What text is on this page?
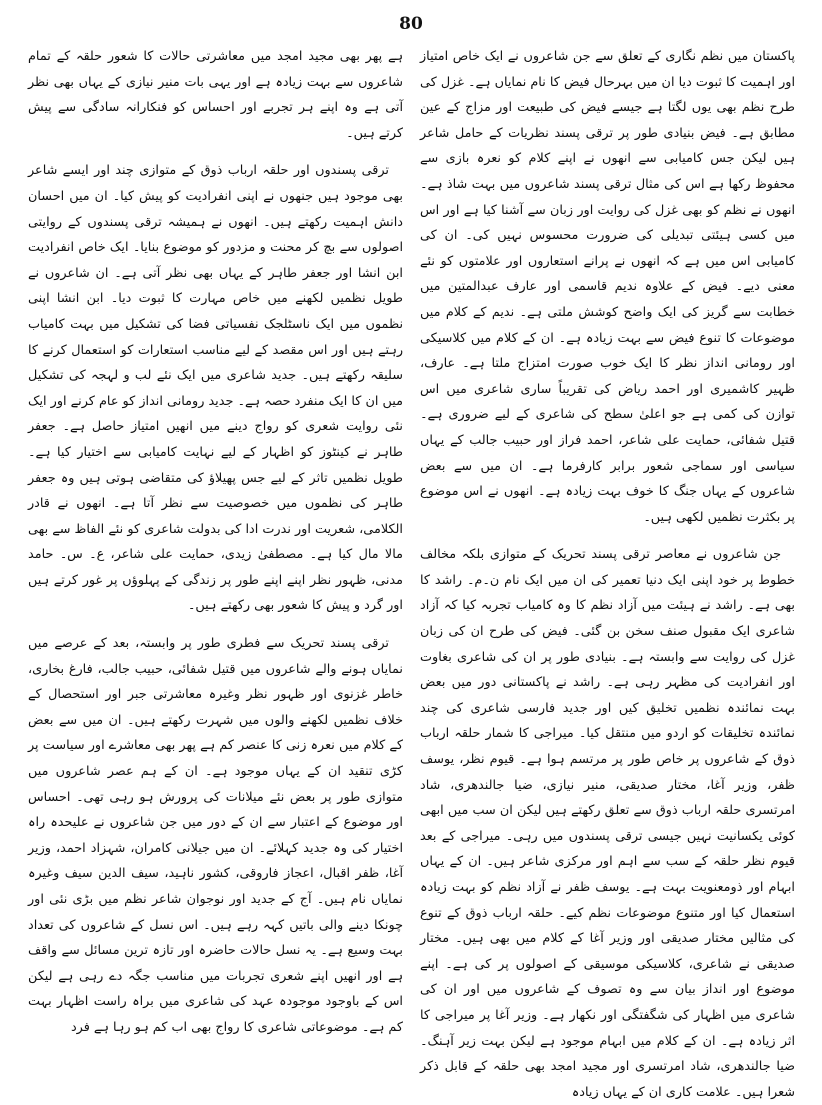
80

پاکستان میں نظم نگاری کے تعلق سے جن شاعروں نے ایک خاص امتیاز اور اہمیت کا ثبوت دیا ان میں بہرحال فیض کا نام نمایاں ہے۔ غزل کی طرح نظم بھی یوں لگتا ہے جیسے فیض کی طبیعت اور مزاج کے عین مطابق ہے۔ فیض بنیادی طور پر ترقی پسند نظریات کے حامل شاعر ہیں لیکن جس کامیابی سے انھوں نے اپنے کلام کو نعرہ بازی سے محفوظ رکھا ہے اس کی مثال ترقی پسند شاعروں میں بہت شاذ ہے۔ انھوں نے نظم کو بھی غزل کی روایت اور زبان سے آشنا کیا ہے اور اس میں کسی ہیئتی تبدیلی کی ضرورت محسوس نہیں کی۔ ان کی کامیابی اس میں ہے کہ انھوں نے پرانے استعاروں اور علامتوں کو نئے معنی دیے۔ فیض کے علاوہ ندیم قاسمی اور عارف عبدالمتین میں خطابت سے گریز کی ایک واضح کوشش ملتی ہے۔ ندیم کے کلام میں موضوعات کا تنوع فیض سے بہت زیادہ ہے۔ ان کے کلام میں کلاسیکی اور رومانی انداز نظر کا ایک خوب صورت امتزاج ملتا ہے۔ عارف، ظہیر کاشمیری اور احمد ریاض کی تقریباً ساری شاعری میں اس توازن کی کمی ہے جو اعلیٰ سطح کی شاعری کے لیے ضروری ہے۔ قتیل شفائی، حمایت علی شاعر، احمد فراز اور حبیب جالب کے یہاں سیاسی اور سماجی شعور برابر کارفرما ہے۔ ان میں سے بعض شاعروں کے یہاں جنگ کا خوف بہت زیادہ ہے۔ انھوں نے اس موضوع پر بکثرت نظمیں لکھی ہیں۔

جن شاعروں نے معاصر ترقی پسند تحریک کے متوازی بلکہ مخالف خطوط پر خود اپنی ایک دنیا تعمیر کی ان میں ایک نام ن۔م۔ راشد کا بھی ہے۔ راشد نے ہیئت میں آزاد نظم کا وہ کامیاب تجربہ کیا کہ آزاد شاعری ایک مقبول صنف سخن بن گئی۔ فیض کی طرح ان کی زبان غزل کی روایت سے وابستہ ہے۔ بنیادی طور پر ان کی شاعری بغاوت اور انفرادیت کی مظہر رہی ہے۔ راشد نے پاکستانی دور میں بعض بہت نمائندہ نظمیں تخلیق کیں اور جدید فارسی شاعری کی چند نمائندہ تخلیقات کو اردو میں منتقل کیا۔ میراجی کا شمار حلقہ ارباب ذوق کے شاعروں پر خاص طور پر مرتسم ہوا ہے۔ قیوم نظر، یوسف ظفر، وزیر آغا، مختار صدیقی، منیر نیازی، ضیا جالندھری، شاد امرتسری حلقہ ارباب ذوق سے تعلق رکھتے ہیں لیکن ان سب میں ابھی کوئی یکسانیت نہیں جیسی ترقی پسندوں میں رہی۔ میراجی کے بعد قیوم نظر حلقہ کے سب سے اہم اور مرکزی شاعر ہیں۔ ان کے یہاں ابہام اور ذومعنویت بہت ہے۔ یوسف ظفر نے آزاد نظم کو بہت زیادہ استعمال کیا اور متنوع موضوعات نظم کیے۔ حلقہ ارباب ذوق کے تنوع کی مثالیں مختار صدیقی اور وزیر آغا کے کلام میں بھی ہیں۔ مختار صدیقی نے شاعری، کلاسیکی موسیقی کے اصولوں پر کی ہے۔ اپنے موضوع اور انداز بیان سے وہ تصوف کے شاعروں میں اور ان کی شاعری میں اظہار کی شگفتگی اور نکھار ہے۔ وزیر آغا پر میراجی کا اثر زیادہ ہے۔ ان کے کلام میں ابہام موجود ہے لیکن بہت زیر آہنگ۔ ضیا جالندھری، شاد امرتسری اور مجید امجد بھی حلقہ کے قابل ذکر شعرا ہیں۔ علامت کاری ان کے یہاں زیادہ

ہے پھر بھی مجید امجد میں معاشرتی حالات کا شعور حلقہ کے تمام شاعروں سے بہت زیادہ ہے اور یہی بات منیر نیازی کے یہاں بھی نظر آتی ہے وہ اپنے ہر تجربے اور احساس کو فنکارانہ سادگی سے پیش کرتے ہیں۔

ترقی پسندوں اور حلقہ ارباب ذوق کے متوازی چند اور ایسے شاعر بھی موجود ہیں جنھوں نے اپنی انفرادیت کو پیش کیا۔ ان میں احسان دانش اہمیت رکھتے ہیں۔ انھوں نے ہمیشہ ترقی پسندوں کے روایتی اصولوں سے بچ کر محنت و مزدور کو موضوع بنایا۔ ایک خاص انفرادیت ابن انشا اور جعفر طاہر کے یہاں بھی نظر آتی ہے۔ ان شاعروں نے طویل نظمیں لکھنے میں خاص مہارت کا ثبوت دیا۔ ابن انشا اپنی نظموں میں ایک ناسٹلجک نفسیاتی فضا کی تشکیل میں بہت کامیاب رہتے ہیں اور اس مقصد کے لیے مناسب استعارات کو استعمال کرنے کا سلیقہ رکھتے ہیں۔ جدید شاعری میں ایک نئے لب و لہجہ کی تشکیل میں ان کا ایک منفرد حصہ ہے۔ جدید رومانی انداز کو عام کرنے اور ایک نئی روایت شعری کو رواج دینے میں انھیں امتیاز حاصل ہے۔ جعفر طاہر نے کینٹوز کو اظہار کے لیے نہایت کامیابی سے اختیار کیا ہے۔ طویل نظمیں تاثر کے لیے جس پھیلاؤ کی متقاضی ہوتی ہیں وہ جعفر طاہر کی نظموں میں خصوصیت سے نظر آتا ہے۔ انھوں نے قادر الکلامی، شعریت اور ندرت ادا کی بدولت شاعری کو نئے الفاظ سے بھی مالا مال کیا ہے۔ مصطفیٰ زیدی، حمایت علی شاعر، ع۔ س۔ حامد مدنی، ظہور نظر اپنے اپنے طور پر زندگی کے پہلوؤں پر غور کرتے ہیں اور گرد و پیش کا شعور بھی رکھتے ہیں۔

ترقی پسند تحریک سے فطری طور پر وابستہ، بعد کے عرصے میں نمایاں ہونے والے شاعروں میں قتیل شفائی، حبیب جالب، فارغ بخاری، خاطر غزنوی اور ظہور نظر وغیرہ معاشرتی جبر اور استحصال کے خلاف نظمیں لکھنے والوں میں شہرت رکھتے ہیں۔ ان میں سے بعض کے کلام میں نعرہ زنی کا عنصر کم ہے پھر بھی معاشرے اور سیاست پر کڑی تنقید ان کے یہاں موجود ہے۔ ان کے ہم عصر شاعروں میں متوازی طور پر بعض نئے میلانات کی پرورش ہو رہی تھی۔ احساس اور موضوع کے اعتبار سے ان کے دور میں جن شاعروں نے علیحدہ راہ اختیار کی وہ جدید کہلائے۔ ان میں جیلانی کامران، شہزاد احمد، وزیر آغا، ظفر اقبال، اعجاز فاروقی، کشور ناہید، سیف الدین سیف وغیرہ نمایاں نام ہیں۔ آج کے جدید اور نوجوان شاعر نظم میں بڑی نئی اور چونکا دینے والی باتیں کہہ رہے ہیں۔ اس نسل کے شاعروں کی تعداد بہت وسیع ہے۔ یہ نسل حالات حاضرہ اور تازہ ترین مسائل سے واقف ہے اور انھیں اپنے شعری تجربات میں مناسب جگہ دے رہی ہے لیکن اس کے باوجود موجودہ عہد کی شاعری میں براہ راست اظہار بہت کم ہے۔ موضوعاتی شاعری کا رواج بھی اب کم ہو رہا ہے فرد
